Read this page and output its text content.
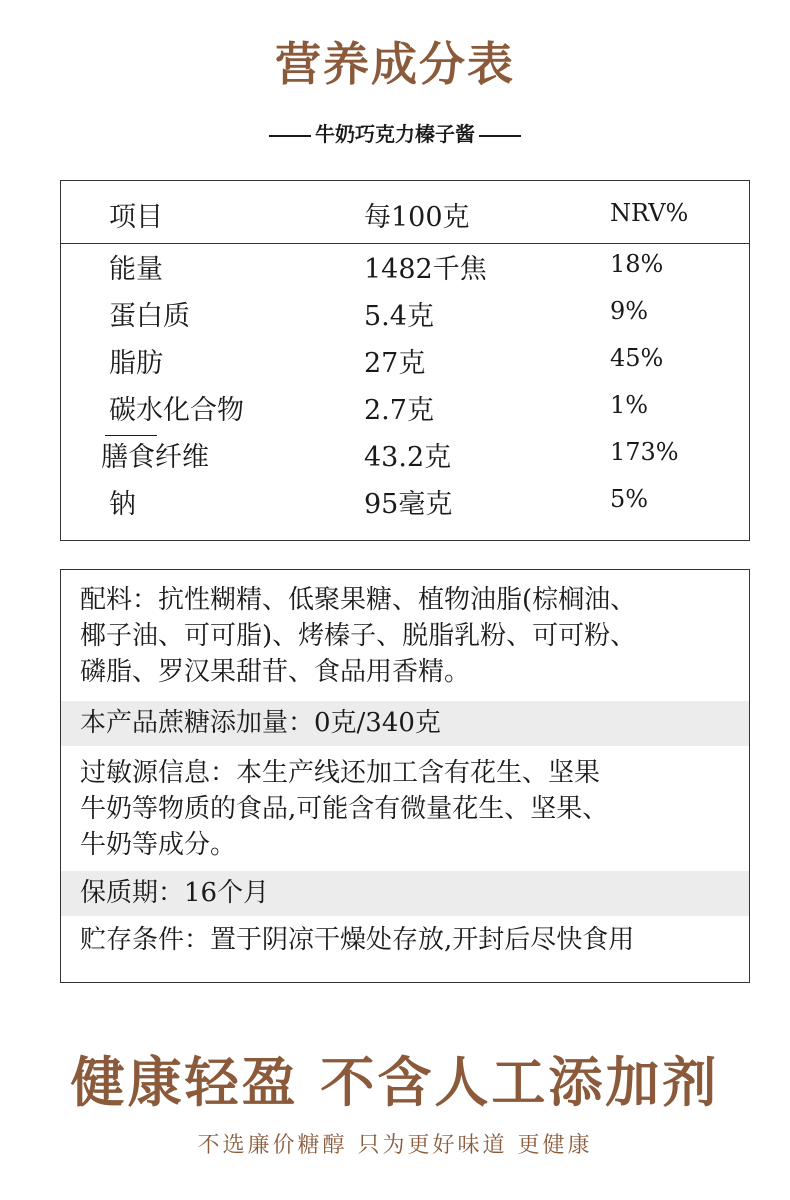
营养成分表
牛奶巧克力榛子酱
项目	每100克	NRV%
能量	1482千焦	18%
蛋白质	5.4克	9%
脂肪	27克	45%
碳水化合物	2.7克	1%
膳食纤维	43.2克	173%
钠	95毫克	5%

配料：抗性糊精、低聚果糖、植物油脂(棕榈油、

椰子油、可可脂)、烤榛子、脱脂乳粉、可可粉、

磷脂、罗汉果甜苷、食品用香精。

本产品蔗糖添加量：0克/340克

过敏源信息：本生产线还加工含有花生、坚果

牛奶等物质的食品,可能含有微量花生、坚果、

牛奶等成分。

保质期：16个月

贮存条件：置于阴凉干燥处存放,开封后尽快食用

健康轻盈 不含人工添加剂
不选廉价糖醇 只为更好味道 更健康
